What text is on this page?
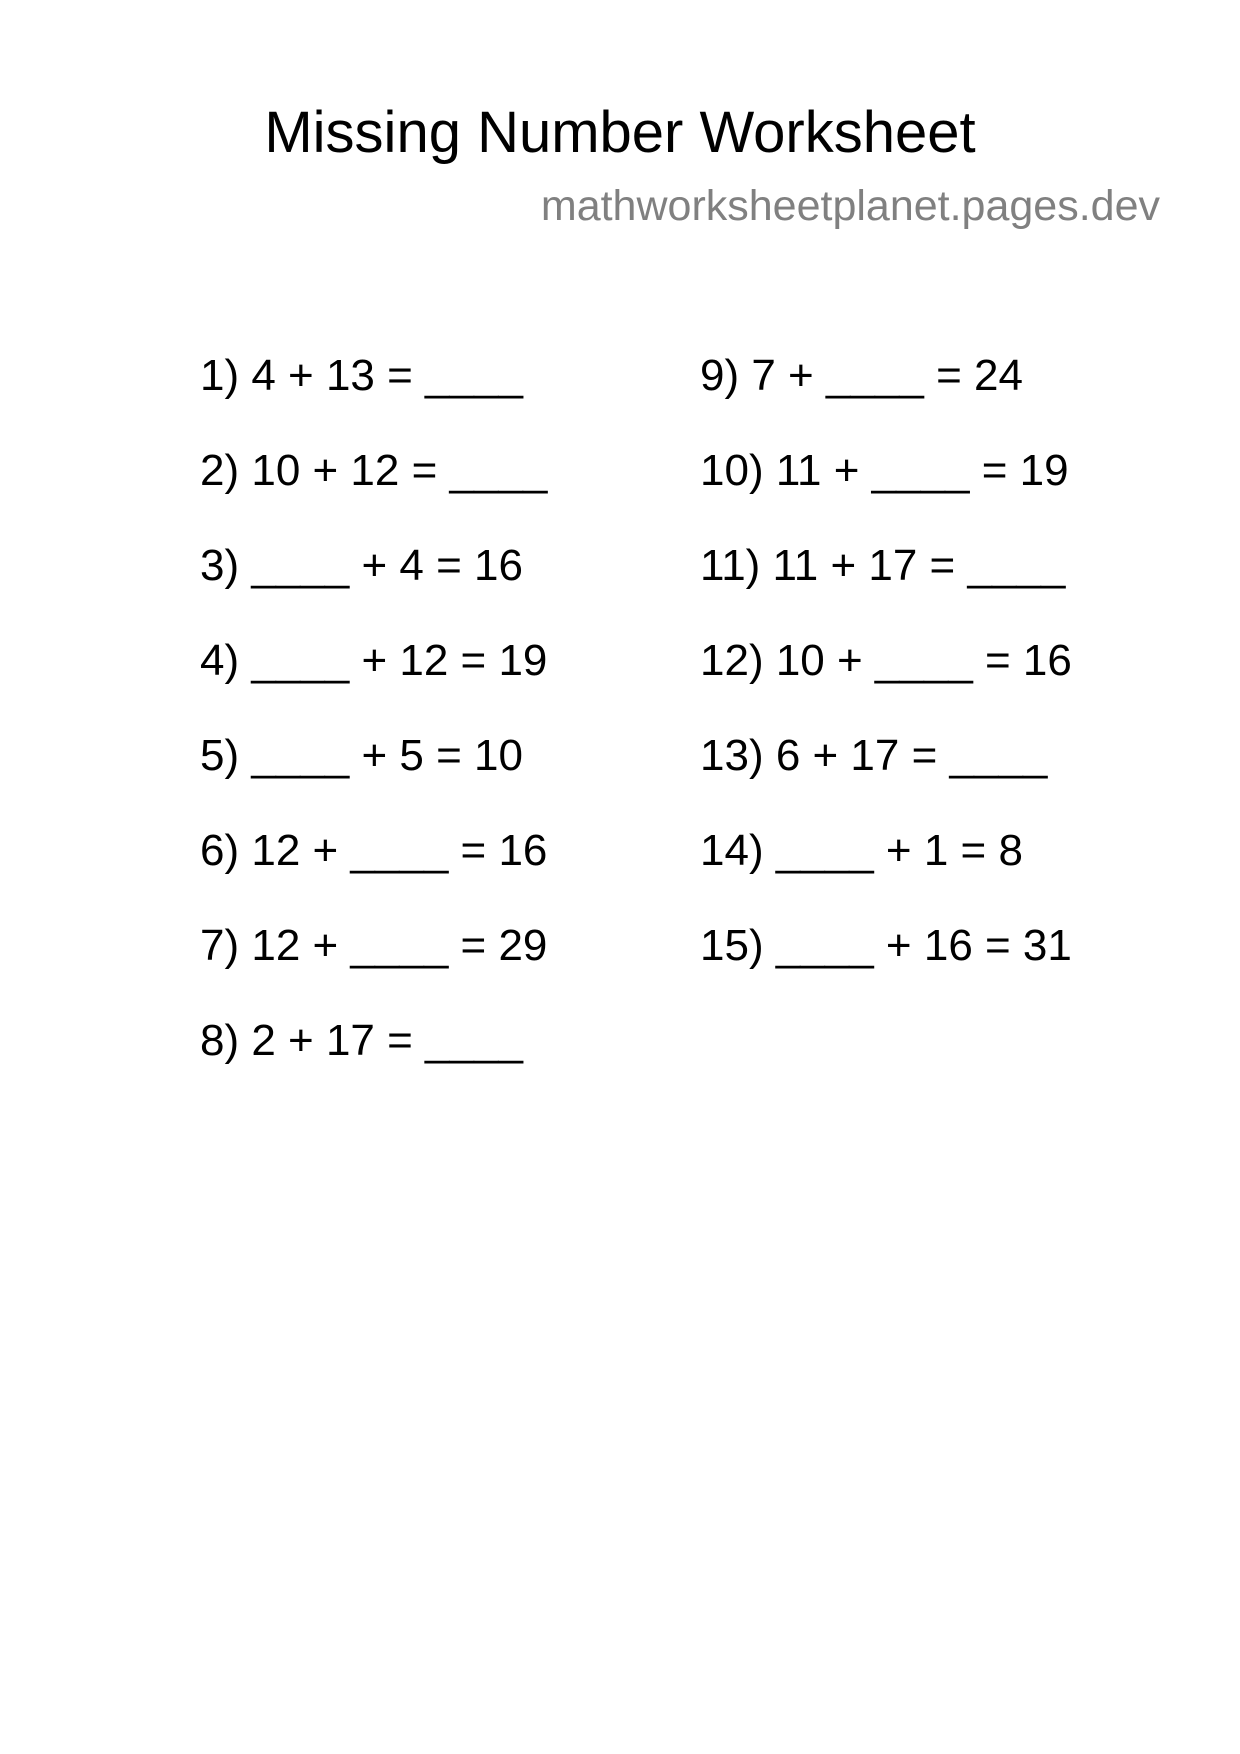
Missing Number Worksheet
mathworksheetplanet.pages.dev
1) 4 + 13 = ____
2) 10 + 12 = ____
3) ____ + 4 = 16
4) ____ + 12 = 19
5) ____ + 5 = 10
6) 12 + ____ = 16
7) 12 + ____ = 29
8) 2 + 17 = ____
9) 7 + ____ = 24
10) 11 + ____ = 19
11) 11 + 17 = ____
12) 10 + ____ = 16
13) 6 + 17 = ____
14) ____ + 1 = 8
15) ____ + 16 = 31
